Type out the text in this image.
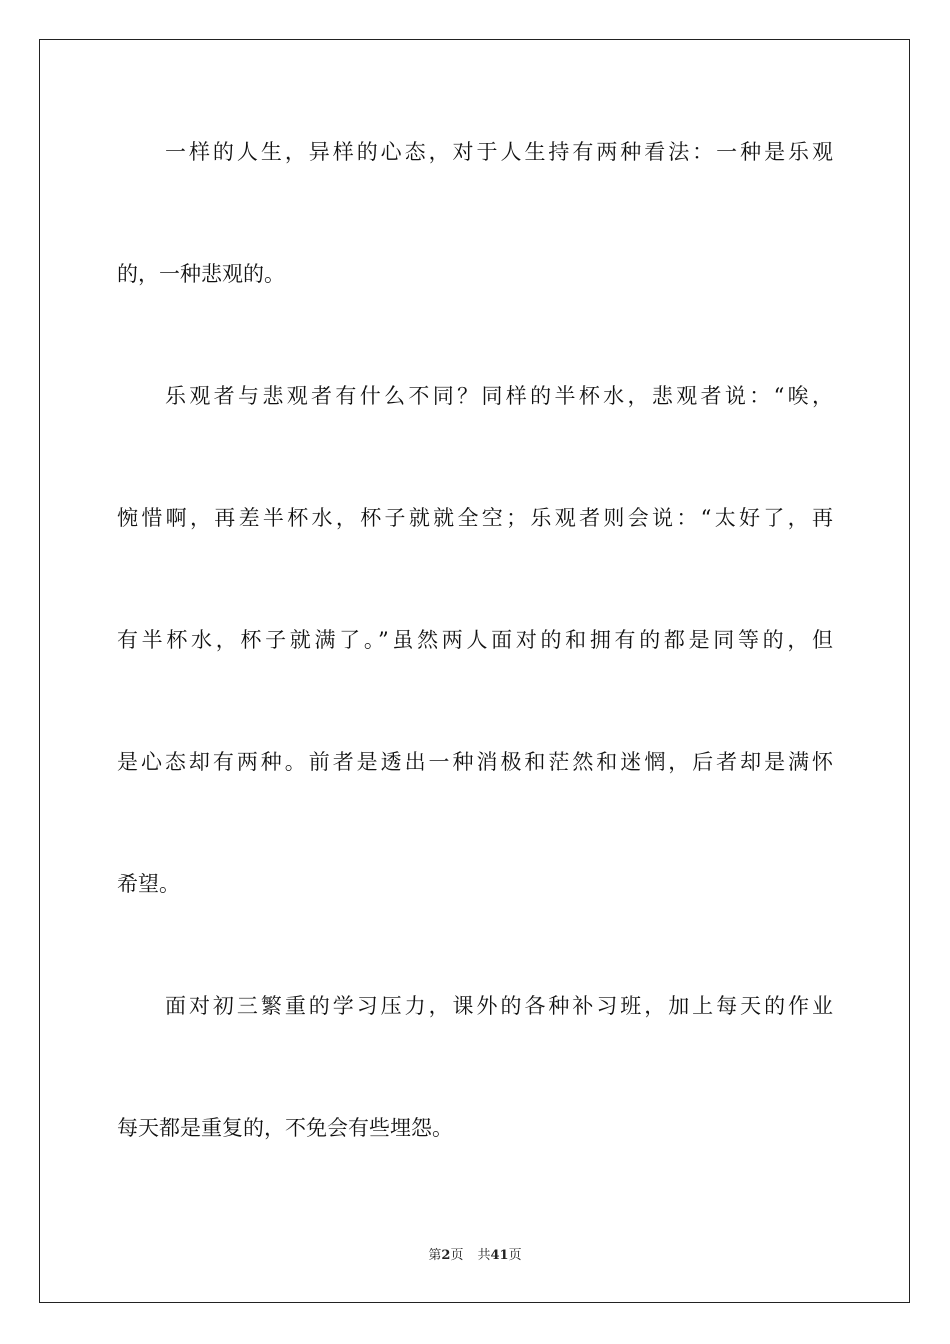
一样的人生，异样的心态，对于人生持有两种看法：一种是乐观
的，一种悲观的。
乐观者与悲观者有什么不同？同样的半杯水，悲观者说：“唉，
惋惜啊，再差半杯水，杯子就就全空；乐观者则会说：“太好了，再
有半杯水，杯子就满了。”虽然两人面对的和拥有的都是同等的，但
是心态却有两种。前者是透出一种消极和茫然和迷惘，后者却是满怀
希望。
面对初三繁重的学习压力，课外的各种补习班，加上每天的作业
每天都是重复的，不免会有些埋怨。
第2页 共41页
